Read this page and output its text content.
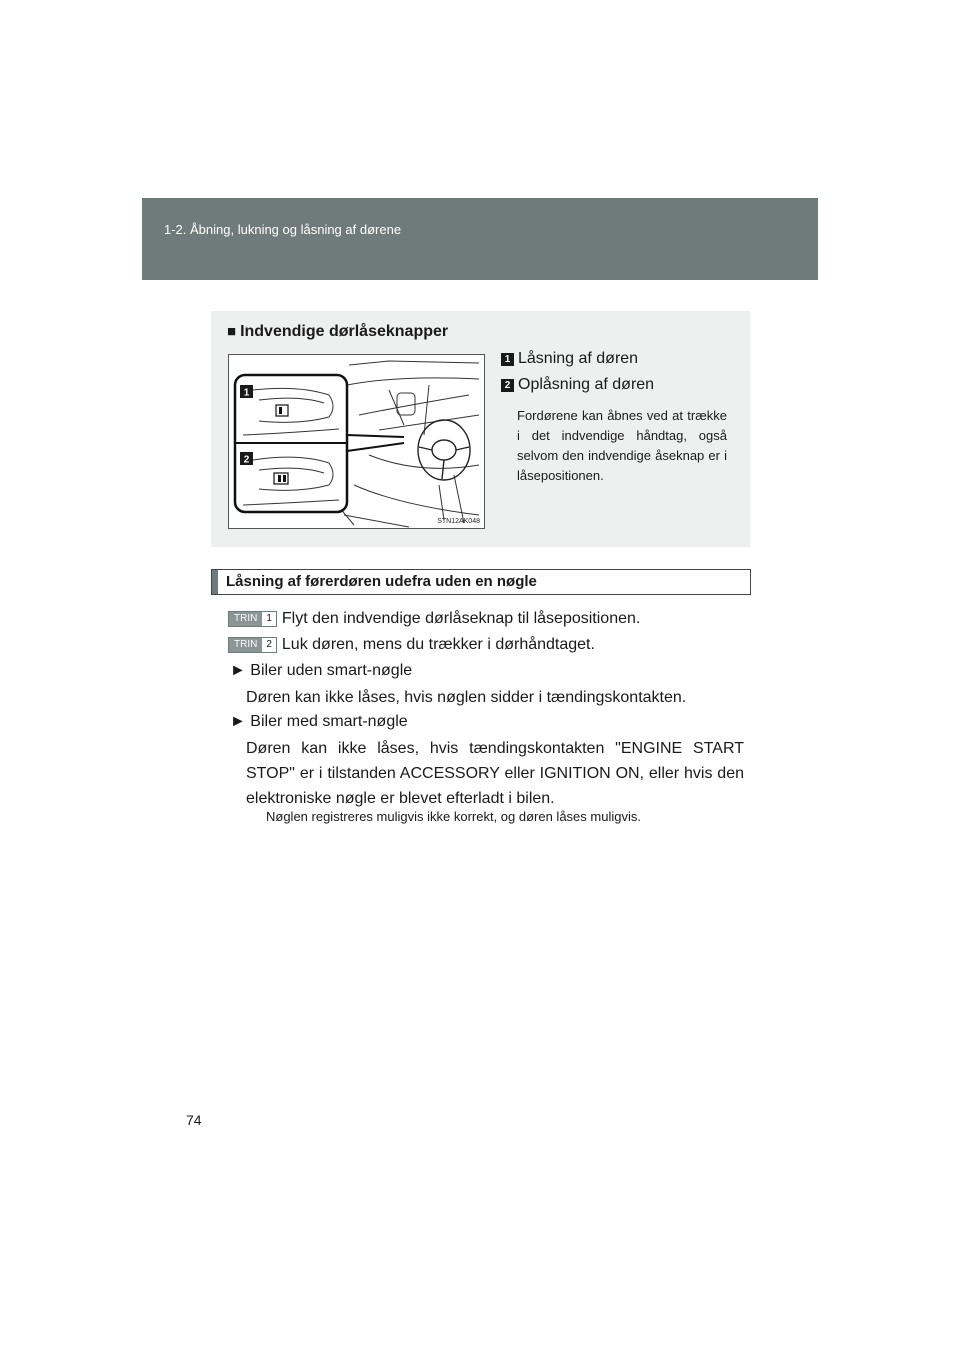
1-2. Åbning, lukning og låsning af dørene
■ Indvendige dørlåseknapper
1
2
STN12AK048
1 Låsning af døren
2 Oplåsning af døren
Fordørene kan åbnes ved at trække i det indvendige håndtag, også selvom den indvendige åseknap er i låsepositionen.
Låsning af førerdøren udefra uden en nøgle
TRIN 1 Flyt den indvendige dørlåseknap til låsepositionen.
TRIN 2 Luk døren, mens du trækker i dørhåndtaget.
► Biler uden smart-nøgle
Døren kan ikke låses, hvis nøglen sidder i tændingskontakten.
► Biler med smart-nøgle
Døren kan ikke låses, hvis tændingskontakten "ENGINE START STOP" er i tilstanden ACCESSORY eller IGNITION ON, eller hvis den elektroniske nøgle er blevet efterladt i bilen.
Nøglen registreres muligvis ikke korrekt, og døren låses muligvis.
74
